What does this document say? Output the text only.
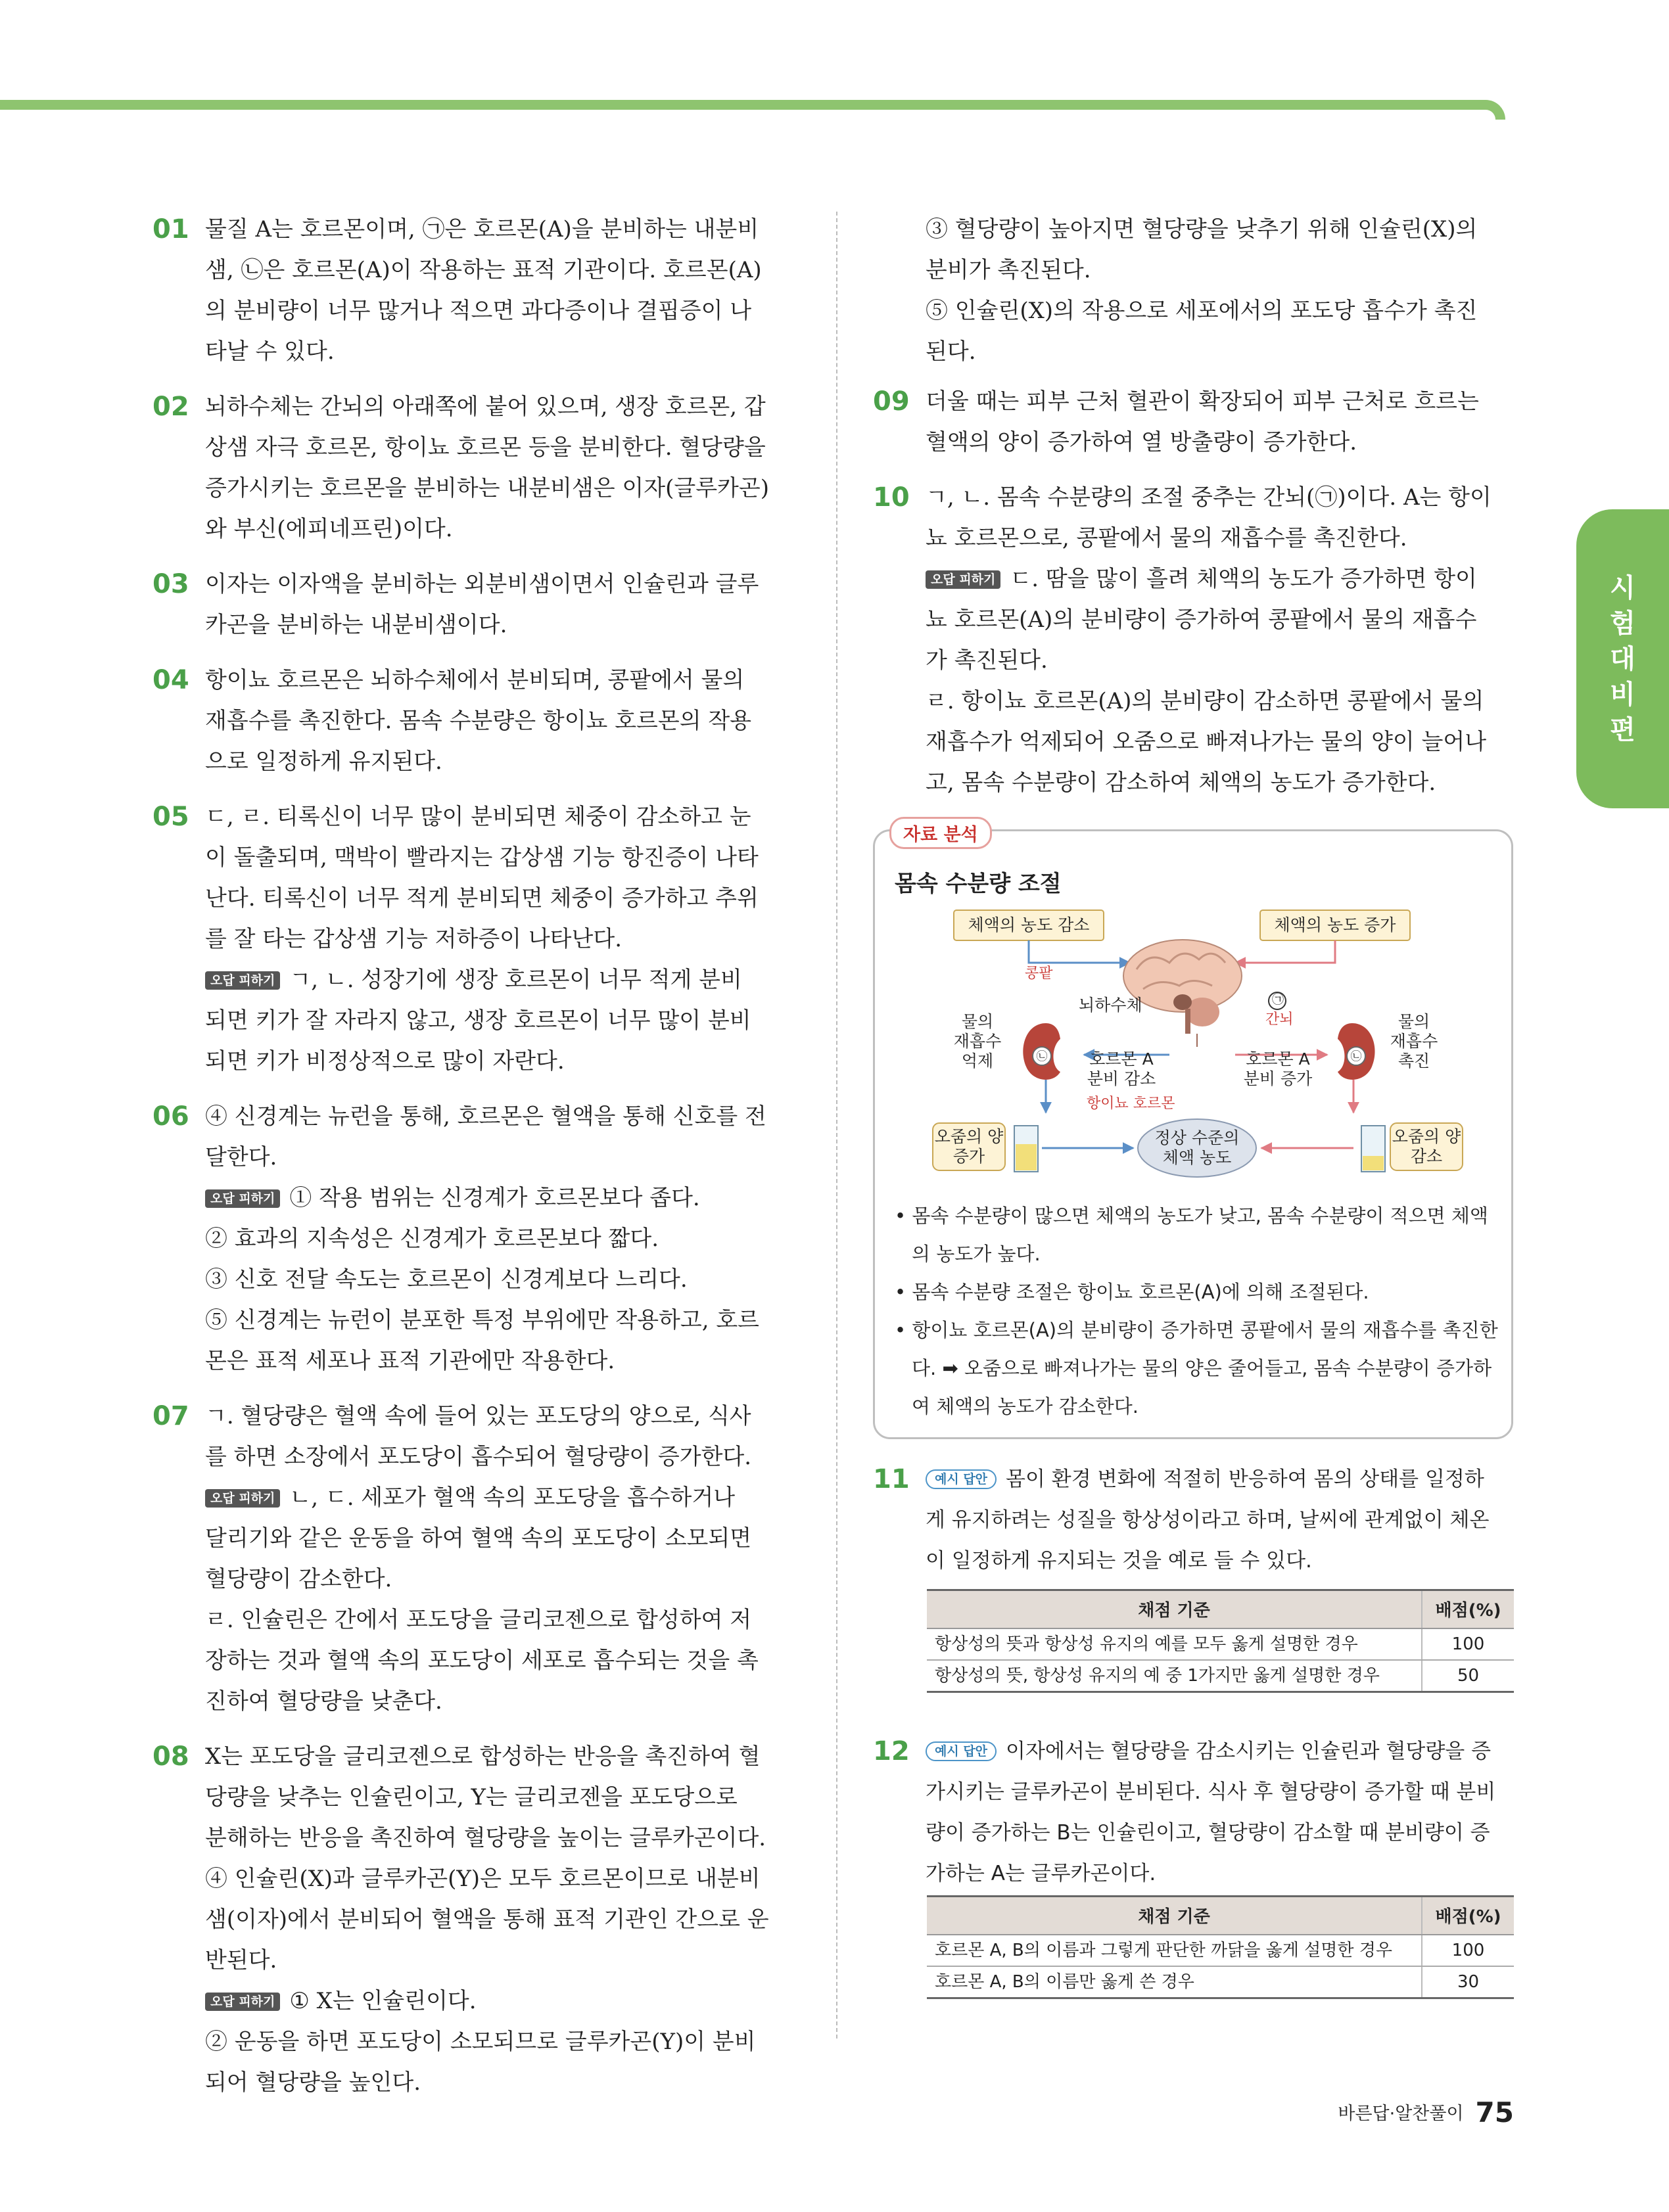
시
험
대
비
편
01 물질 A는 호르몬이며, ㉠은 호르몬(A)을 분비하는 내분비
샘, ㉡은 호르몬(A)이 작용하는 표적 기관이다. 호르몬(A)
의 분비량이 너무 많거나 적으면 과다증이나 결핍증이 나
타날 수 있다.
02 뇌하수체는 간뇌의 아래쪽에 붙어 있으며, 생장 호르몬, 갑
상샘 자극 호르몬, 항이뇨 호르몬 등을 분비한다. 혈당량을
증가시키는 호르몬을 분비하는 내분비샘은 이자(글루카곤)
와 부신(에피네프린)이다.
03 이자는 이자액을 분비하는 외분비샘이면서 인슐린과 글루
카곤을 분비하는 내분비샘이다.
04 항이뇨 호르몬은 뇌하수체에서 분비되며, 콩팥에서 물의
재흡수를 촉진한다. 몸속 수분량은 항이뇨 호르몬의 작용
으로 일정하게 유지된다.
05 ㄷ, ㄹ. 티록신이 너무 많이 분비되면 체중이 감소하고 눈
이 돌출되며, 맥박이 빨라지는 갑상샘 기능 항진증이 나타
난다. 티록신이 너무 적게 분비되면 체중이 증가하고 추위
를 잘 타는 갑상샘 기능 저하증이 나타난다.
오답 피하기 ㄱ, ㄴ. 성장기에 생장 호르몬이 너무 적게 분비
되면 키가 잘 자라지 않고, 생장 호르몬이 너무 많이 분비
되면 키가 비정상적으로 많이 자란다.
06 ④ 신경계는 뉴런을 통해, 호르몬은 혈액을 통해 신호를 전
달한다.
오답 피하기 ① 작용 범위는 신경계가 호르몬보다 좁다.
② 효과의 지속성은 신경계가 호르몬보다 짧다.
③ 신호 전달 속도는 호르몬이 신경계보다 느리다.
⑤ 신경계는 뉴런이 분포한 특정 부위에만 작용하고, 호르
몬은 표적 세포나 표적 기관에만 작용한다.
07 ㄱ. 혈당량은 혈액 속에 들어 있는 포도당의 양으로, 식사
를 하면 소장에서 포도당이 흡수되어 혈당량이 증가한다.
오답 피하기 ㄴ, ㄷ. 세포가 혈액 속의 포도당을 흡수하거나
달리기와 같은 운동을 하여 혈액 속의 포도당이 소모되면
혈당량이 감소한다.
ㄹ. 인슐린은 간에서 포도당을 글리코젠으로 합성하여 저
장하는 것과 혈액 속의 포도당이 세포로 흡수되는 것을 촉
진하여 혈당량을 낮춘다.
08 X는 포도당을 글리코젠으로 합성하는 반응을 촉진하여 혈
당량을 낮추는 인슐린이고, Y는 글리코젠을 포도당으로
분해하는 반응을 촉진하여 혈당량을 높이는 글루카곤이다.
④ 인슐린(X)과 글루카곤(Y)은 모두 호르몬이므로 내분비
샘(이자)에서 분비되어 혈액을 통해 표적 기관인 간으로 운
반된다.
오답 피하기 ① X는 인슐린이다.
② 운동을 하면 포도당이 소모되므로 글루카곤(Y)이 분비
되어 혈당량을 높인다.
③ 혈당량이 높아지면 혈당량을 낮추기 위해 인슐린(X)의
분비가 촉진된다.
⑤ 인슐린(X)의 작용으로 세포에서의 포도당 흡수가 촉진
된다.
09 더울 때는 피부 근처 혈관이 확장되어 피부 근처로 흐르는
혈액의 양이 증가하여 열 방출량이 증가한다.
10 ㄱ, ㄴ. 몸속 수분량의 조절 중추는 간뇌(㉠)이다. A는 항이
뇨 호르몬으로, 콩팥에서 물의 재흡수를 촉진한다.
오답 피하기 ㄷ. 땀을 많이 흘려 체액의 농도가 증가하면 항이
뇨 호르몬(A)의 분비량이 증가하여 콩팥에서 물의 재흡수
가 촉진된다.
ㄹ. 항이뇨 호르몬(A)의 분비량이 감소하면 콩팥에서 물의
재흡수가 억제되어 오줌으로 빠져나가는 물의 양이 늘어나
고, 몸속 수분량이 감소하여 체액의 농도가 증가한다.
자료 분석
몸속 수분량 조절
㉡	㉡
체액의 농도 감소	체액의 농도 증가
콩팥
뇌하수체	㉠
간뇌
물의
재흡수
억제
물의
재흡수
촉진
호르몬 A
분비 감소
호르몬 A
분비 증가
항이뇨 호르몬
오줌의 양
증가
오줌의 양
감소
정상 수준의
체액 농도
• 몸속 수분량이 많으면 체액의 농도가 낮고, 몸속 수분량이 적으면 체액의 농도가 높다.
• 몸속 수분량 조절은 항이뇨 호르몬(A)에 의해 조절된다.
• 항이뇨 호르몬(A)의 분비량이 증가하면 콩팥에서 물의 재흡수를 촉진한다. ➡ 오줌으로 빠져나가는 물의 양은 줄어들고, 몸속 수분량이 증가하여 체액의 농도가 감소한다.
11	예시 답안 몸이 환경 변화에 적절히 반응하여 몸의 상태를 일정하
게 유지하려는 성질을 항상성이라고 하며, 날씨에 관계없이 체온
이 일정하게 유지되는 것을 예로 들 수 있다.
채점 기준	배점(%)
항상성의 뜻과 항상성 유지의 예를 모두 옳게 설명한 경우	100
항상성의 뜻, 항상성 유지의 예 중 1가지만 옳게 설명한 경우	50
12	예시 답안 이자에서는 혈당량을 감소시키는 인슐린과 혈당량을 증
가시키는 글루카곤이 분비된다. 식사 후 혈당량이 증가할 때 분비
량이 증가하는 B는 인슐린이고, 혈당량이 감소할 때 분비량이 증
가하는 A는 글루카곤이다.
채점 기준	배점(%)
호르몬 A, B의 이름과 그렇게 판단한 까닭을 옳게 설명한 경우	100
호르몬 A, B의 이름만 옳게 쓴 경우	30
바른답·알찬풀이 75
